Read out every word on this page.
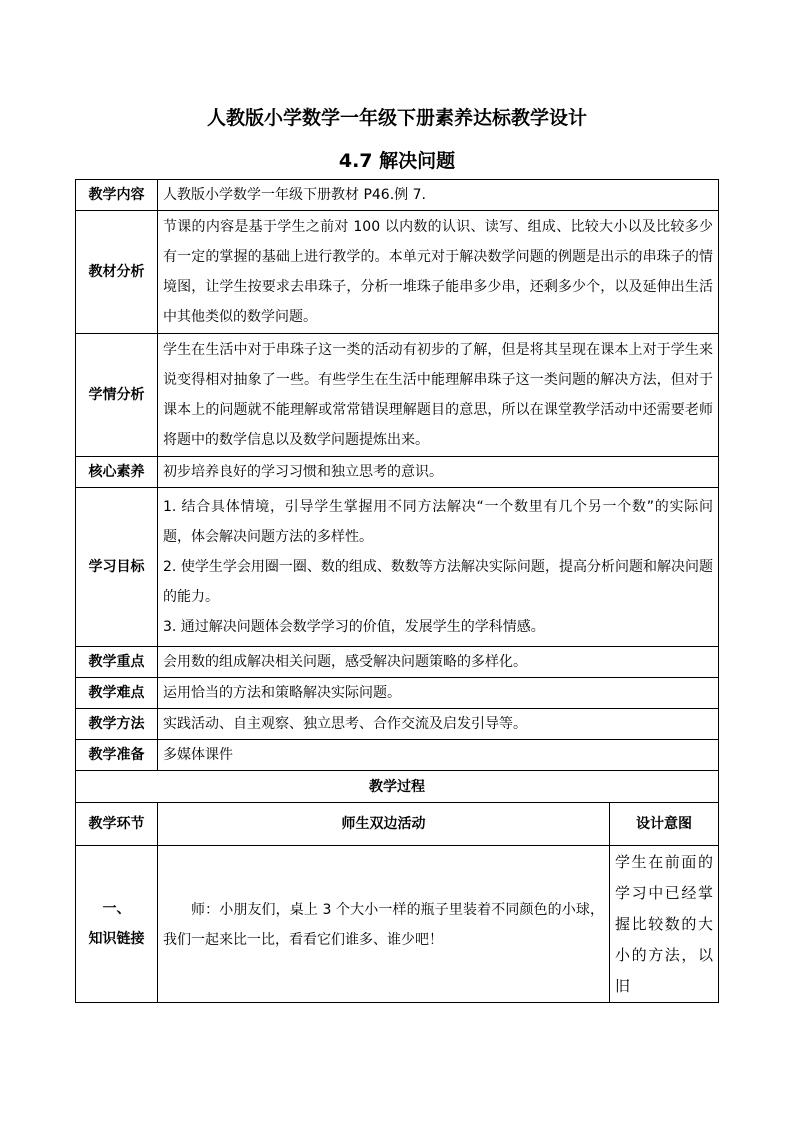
人教版小学数学一年级下册素养达标教学设计
4.7 解决问题
教学内容	人教版小学数学一年级下册教材 P46.例 7.	
教材分析	节课的内容是基于学生之前对 100 以内数的认识、读写、组成、比较大小以及比较多少有一定的掌握的基础上进行教学的。本单元对于解决数学问题的例题是出示的串珠子的情境图，让学生按要求去串珠子，分析一堆珠子能串多少串，还剩多少个，以及延伸出生活中其他类似的数学问题。	
学情分析	学生在生活中对于串珠子这一类的活动有初步的了解，但是将其呈现在课本上对于学生来说变得相对抽象了一些。有些学生在生活中能理解串珠子这一类问题的解决方法，但对于课本上的问题就不能理解或常常错误理解题目的意思，所以在课堂教学活动中还需要老师将题中的数学信息以及数学问题提炼出来。	
核心素养	初步培养良好的学习习惯和独立思考的意识。	
学习目标	1. 结合具体情境，引导学生掌握用不同方法解决“一个数里有几个另一个数”的实际问题，体会解决问题方法的多样性。
2. 使学生学会用圈一圈、数的组成、数数等方法解决实际问题，提高分析问题和解决问题的能力。
3. 通过解决问题体会数学学习的价值，发展学生的学科情感。	

教学重点	会用数的组成解决相关问题，感受解决问题策略的多样化。	
教学难点	运用恰当的方法和策略解决实际问题。	
教学方法	实践活动、自主观察、独立思考、合作交流及启发引导等。	
教学准备	多媒体课件	
教学过程		
教学环节	师生双边活动	设计意图

一、
知识链接	师：小朋友们，桌上 3 个大小一样的瓶子里装着不同颜色的小球，我们一起来比一比，看看它们谁多、谁少吧！	学生在前面的学习中已经掌握比较数的大小的方法，以旧
